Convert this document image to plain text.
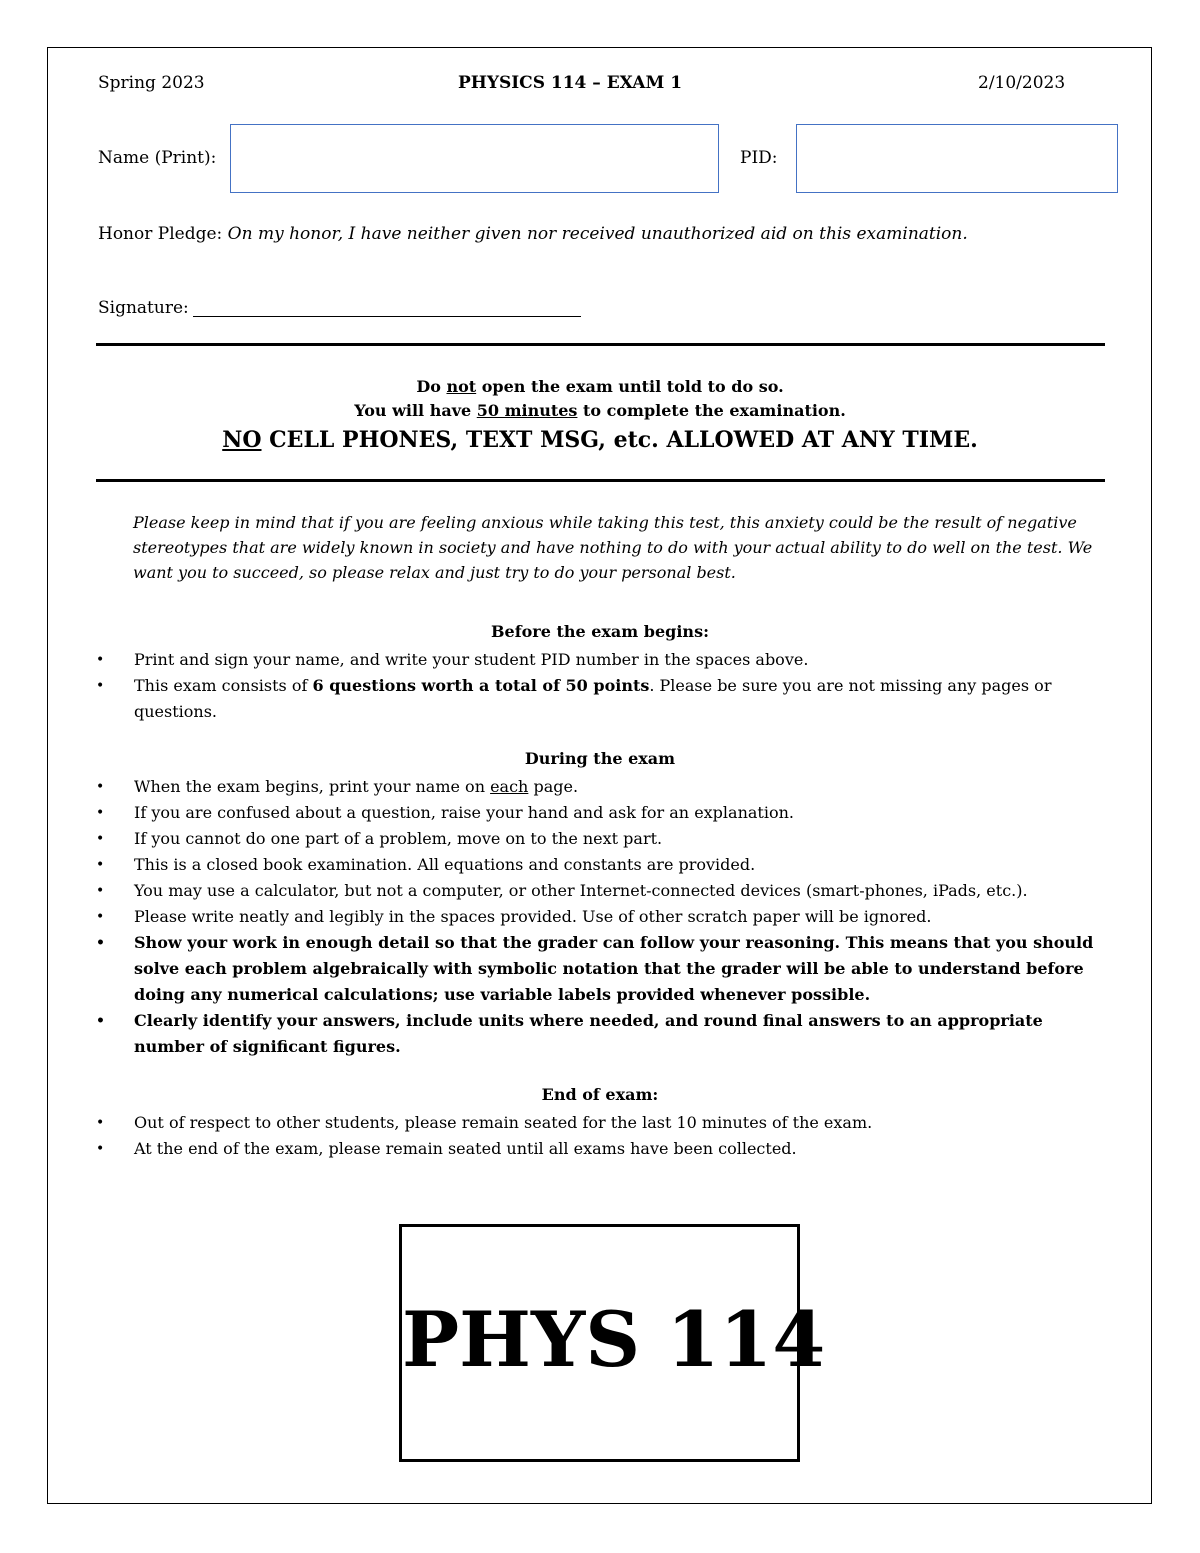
Spring 2023	PHYSICS 114 – EXAM 1	2/10/2023
Name (Print):	PID:
Honor Pledge: On my honor, I have neither given nor received unauthorized aid on this examination.
Signature:
Do not open the exam until told to do so.
You will have 50 minutes to complete the examination.
NO CELL PHONES, TEXT MSG, etc. ALLOWED AT ANY TIME.
Please keep in mind that if you are feeling anxious while taking this test, this anxiety could be the result of negative stereotypes that are widely known in society and have nothing to do with your actual ability to do well on the test. We want you to succeed, so please relax and just try to do your personal best.
Before the exam begins:
• Print and sign your name, and write your student PID number in the spaces above.
• This exam consists of 6 questions worth a total of 50 points. Please be sure you are not missing any pages or questions.
During the exam
• When the exam begins, print your name on each page.
• If you are confused about a question, raise your hand and ask for an explanation.
• If you cannot do one part of a problem, move on to the next part.
• This is a closed book examination. All equations and constants are provided.
• You may use a calculator, but not a computer, or other Internet-connected devices (smart-phones, iPads, etc.).
• Please write neatly and legibly in the spaces provided. Use of other scratch paper will be ignored.
• Show your work in enough detail so that the grader can follow your reasoning. This means that you should solve each problem algebraically with symbolic notation that the grader will be able to understand before doing any numerical calculations; use variable labels provided whenever possible.
• Clearly identify your answers, include units where needed, and round final answers to an appropriate number of significant figures.
End of exam:
• Out of respect to other students, please remain seated for the last 10 minutes of the exam.
• At the end of the exam, please remain seated until all exams have been collected.
PHYS 114
